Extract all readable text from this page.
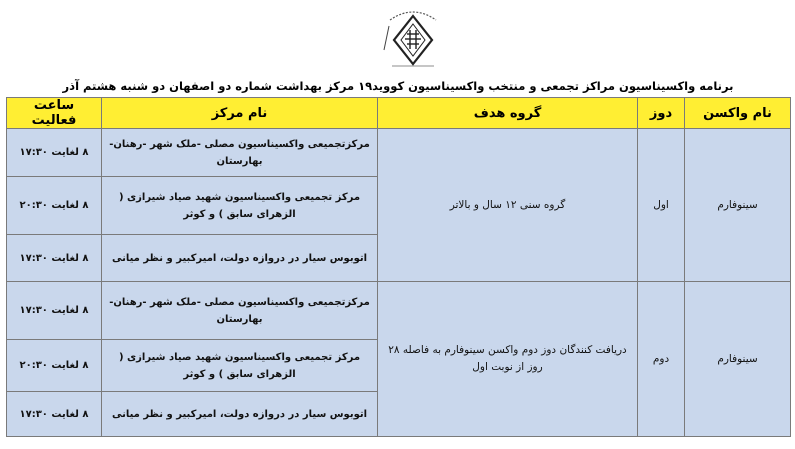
برنامه واکسیناسیون مراکز تجمعی و منتخب واکسیناسیون کووید۱۹ مرکز بهداشت شماره دو اصفهان دو شنبه هشتم آذر
نام واکسن	دوز	گروه هدف	نام مرکز	ساعت فعالیت
سینوفارم	اول	گروه سنی ۱۲ سال و بالاتر	مرکزتجمیعی واکسیناسیون مصلی -ملک شهر -رهنان- بهارستان	۸ لغایت ۱۷:۳۰
			مرکز تجمیعی واکسیناسیون شهید صیاد شیرازی ( الزهرای سابق ) و کوثر	۸ لغایت ۲۰:۳۰
			اتوبوس سیار در دروازه دولت، امیرکبیر و نظر میانی	۸ لغایت ۱۷:۳۰
سینوفارم	دوم	دریافت کنندگان دوز دوم واکسن سینوفارم به فاصله ۲۸ روز از نوبت اول	مرکزتجمیعی واکسیناسیون مصلی -ملک شهر -رهنان- بهارستان	۸ لغایت ۱۷:۳۰
			مرکز تجمیعی واکسیناسیون شهید صیاد شیرازی ( الزهرای سابق ) و کوثر	۸ لغایت ۲۰:۳۰
			اتوبوس سیار در دروازه دولت، امیرکبیر و نظر میانی	۸ لغایت ۱۷:۳۰
